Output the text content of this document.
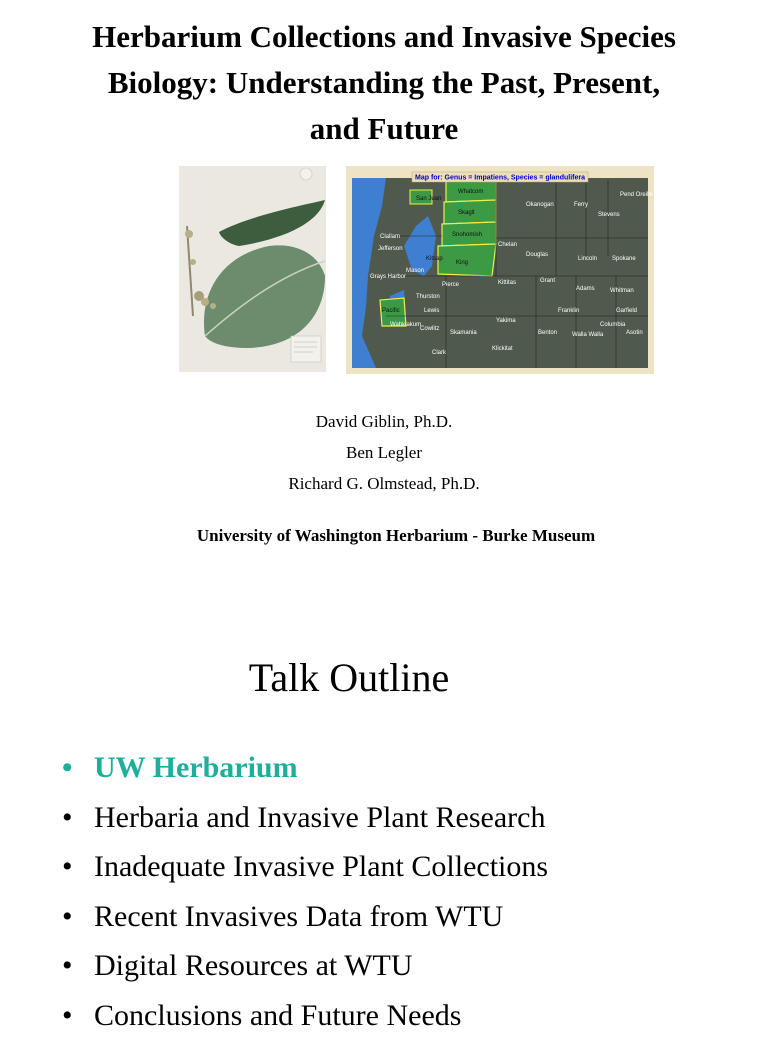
Herbarium Collections and Invasive Species
Biology: Understanding the Past, Present,
and Future
Map for: Genus = Impatiens, Species = glandulifera
Whatcom
Okanogan	Ferry
Pend Oreille
Stevens
San Juan
Skagit
Clallam
Jefferson
Snohomish
Chelan
Douglas
Lincoln Spokane
Kitsap
Mason
King
Grays Harbor
Pierce	Kittitas	Grant
Thurston
Adams	Whitman
Pacific	Lewis
Yakima
Franklin	Garfield
Wahkiakum
Cowlitz
Skamania	Benton Walla Walla
Columbia
Asotin
Clark
Klickitat
David Giblin, Ph.D.
Ben Legler
Richard G. Olmstead, Ph.D.
University of Washington Herbarium - Burke Museum
Talk Outline
• UW Herbarium
• Herbaria and Invasive Plant Research
• Inadequate Invasive Plant Collections
• Recent Invasives Data from WTU
• Digital Resources at WTU
• Conclusions and Future Needs
